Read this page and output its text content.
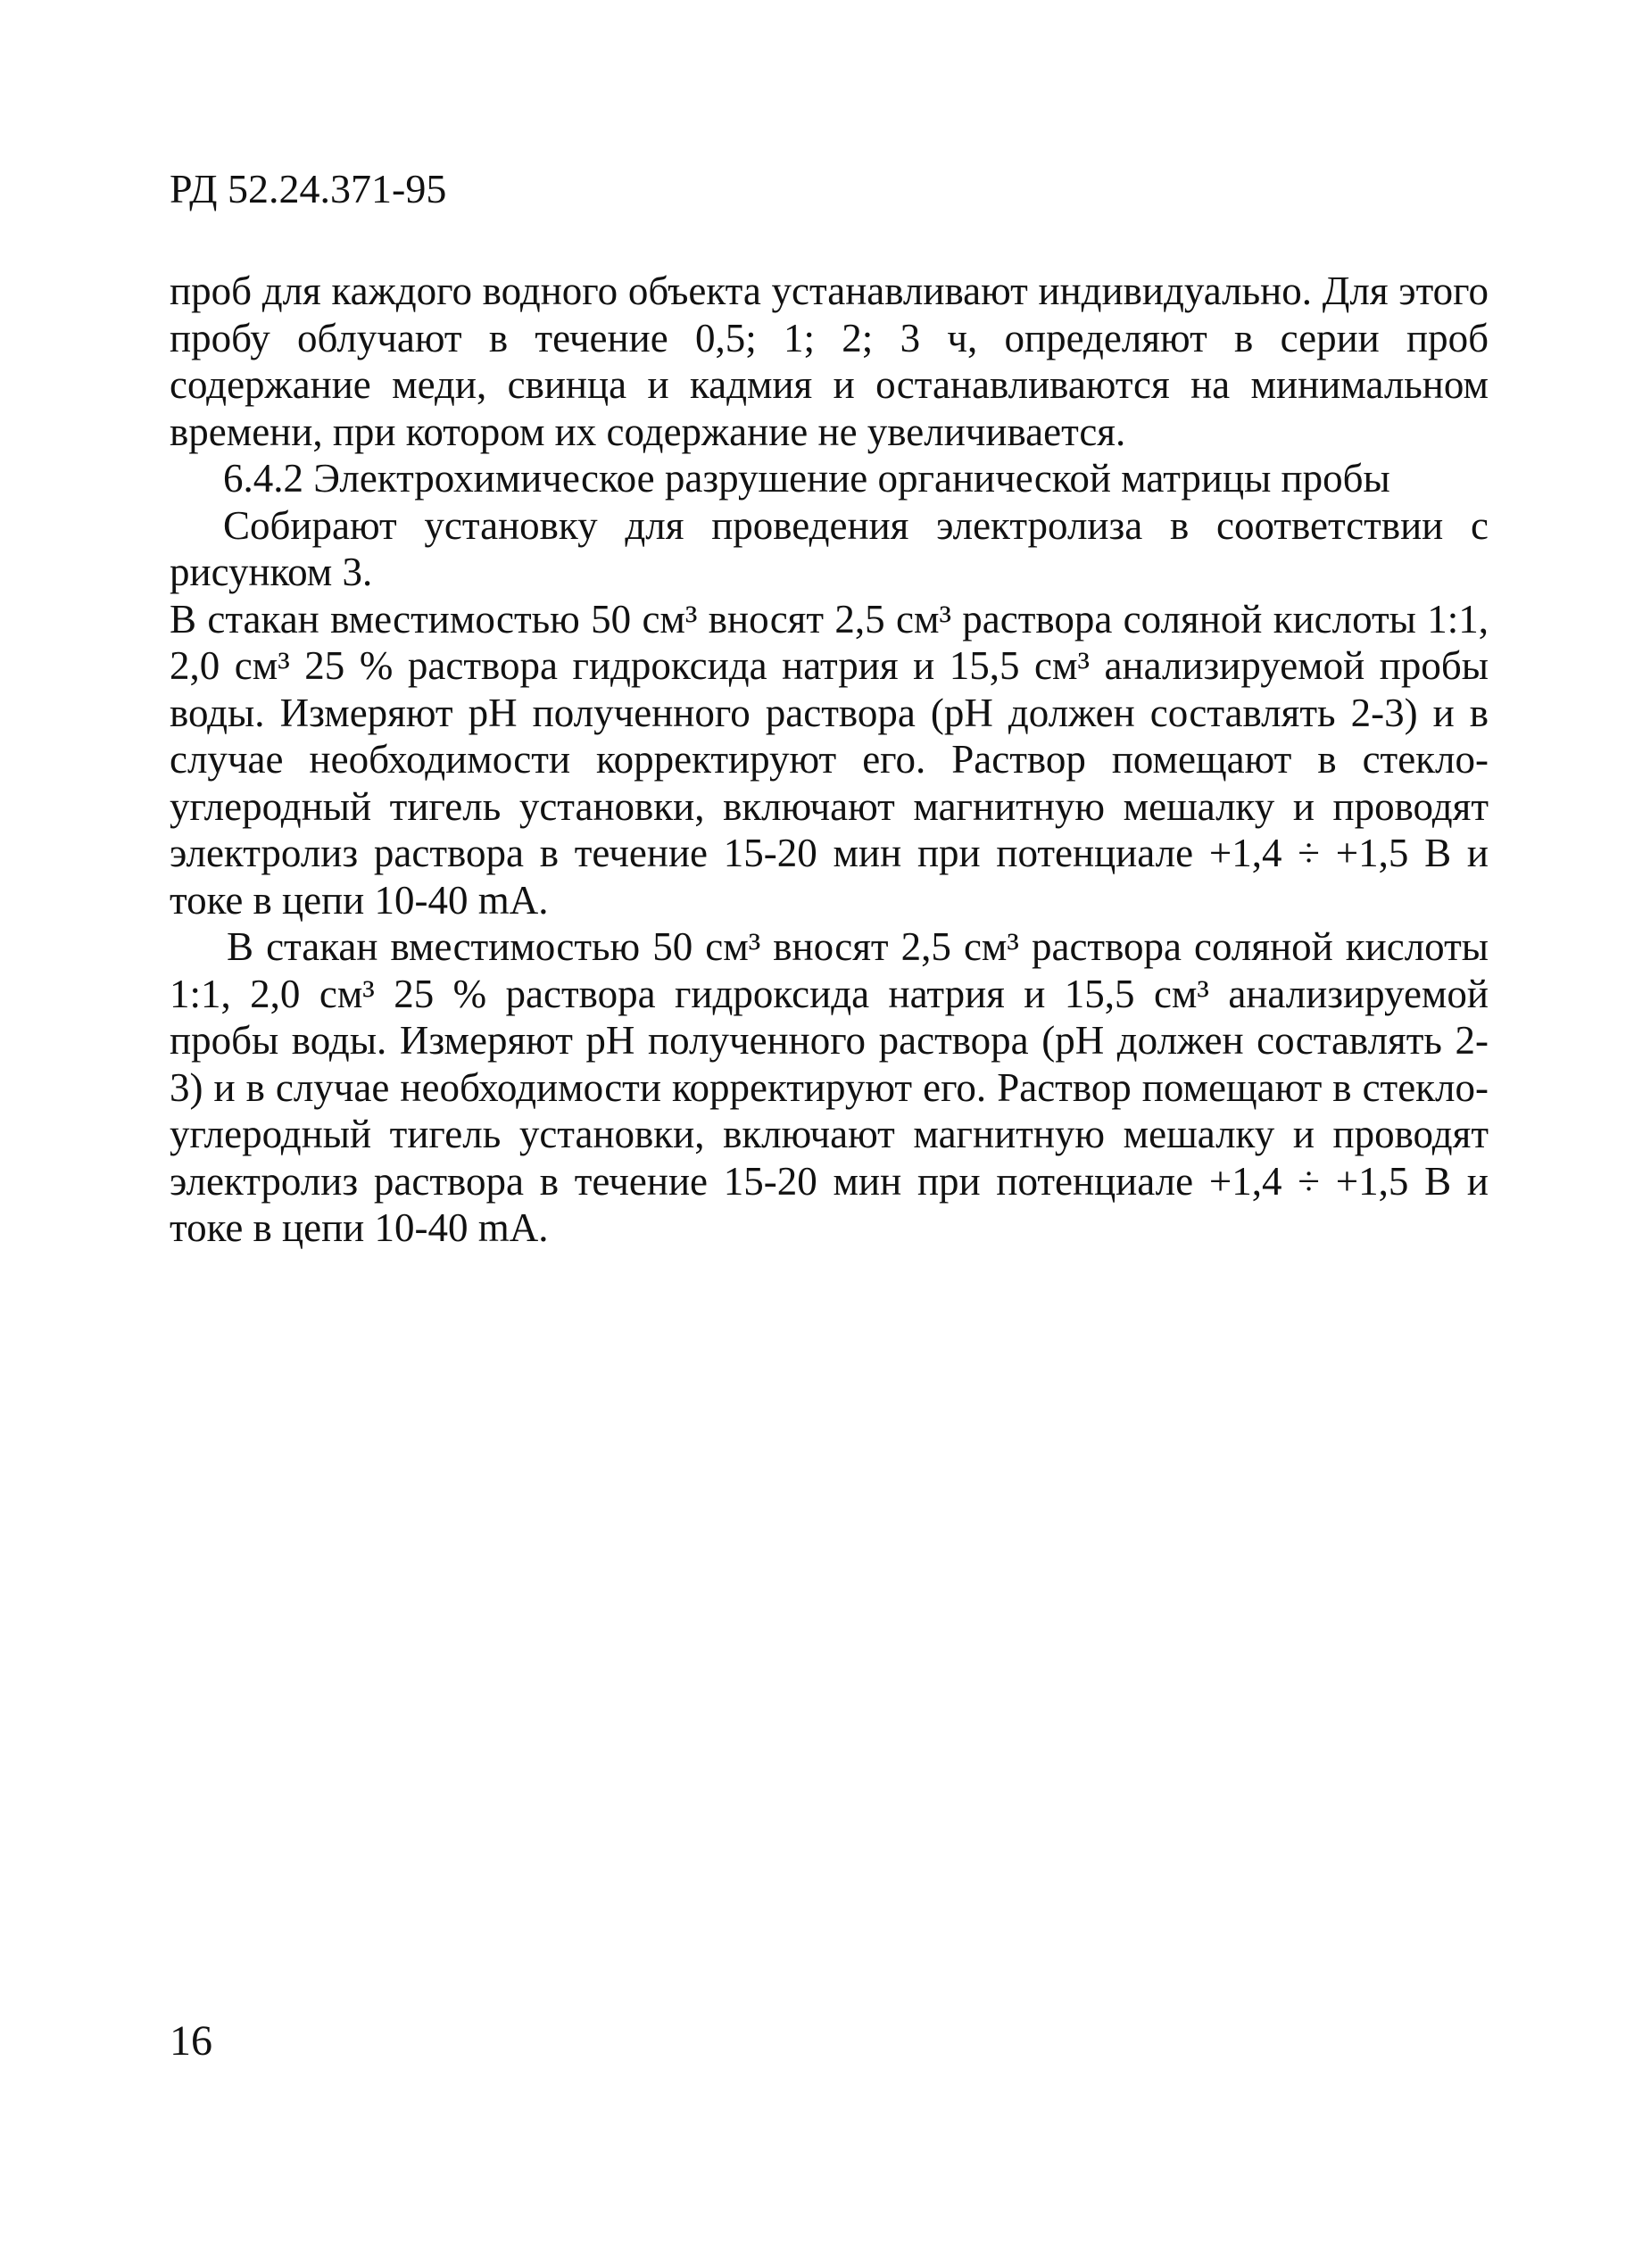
РД 52.24.371-95

проб для каждого водного объекта устанавливают индивидуально. Для этого пробу облучают в течение 0,5; 1; 2; 3 ч, определяют в серии проб содержание меди, свинца и кадмия и останавливаются на минимальном времени, при котором их содержание не увеличивается.

6.4.2 Электрохимическое разрушение органической матрицы пробы

Собирают установку для проведения электролиза в соответствии с рисунком 3.

В стакан вместимостью 50 см³ вносят 2,5 см³ раствора соляной кислоты 1:1, 2,0 см³ 25 % раствора гидроксида натрия и 15,5 см³ анализируемой пробы воды. Измеряют pH полученного раствора (pH должен составлять 2-3) и в случае необходимости корректируют его. Раствор помещают в стекло-углеродный тигель установки, включают магнитную мешалку и проводят электролиз раствора в течение 15-20 мин при потенциале +1,4 ÷ +1,5 В и токе в цепи 10-40 mA.

В стакан вместимостью 50 см³ вносят 2,5 см³ раствора соляной кислоты 1:1, 2,0 см³ 25 % раствора гидроксида натрия и 15,5 см³ анализируемой пробы воды. Измеряют pH полученного раствора (pH должен составлять 2-3) и в случае необходимости корректируют его. Раствор помещают в стекло-углеродный тигель установки, включают магнитную мешалку и проводят электролиз раствора в течение 15-20 мин при потенциале +1,4 ÷ +1,5 В и токе в цепи 10-40 mA.

16
